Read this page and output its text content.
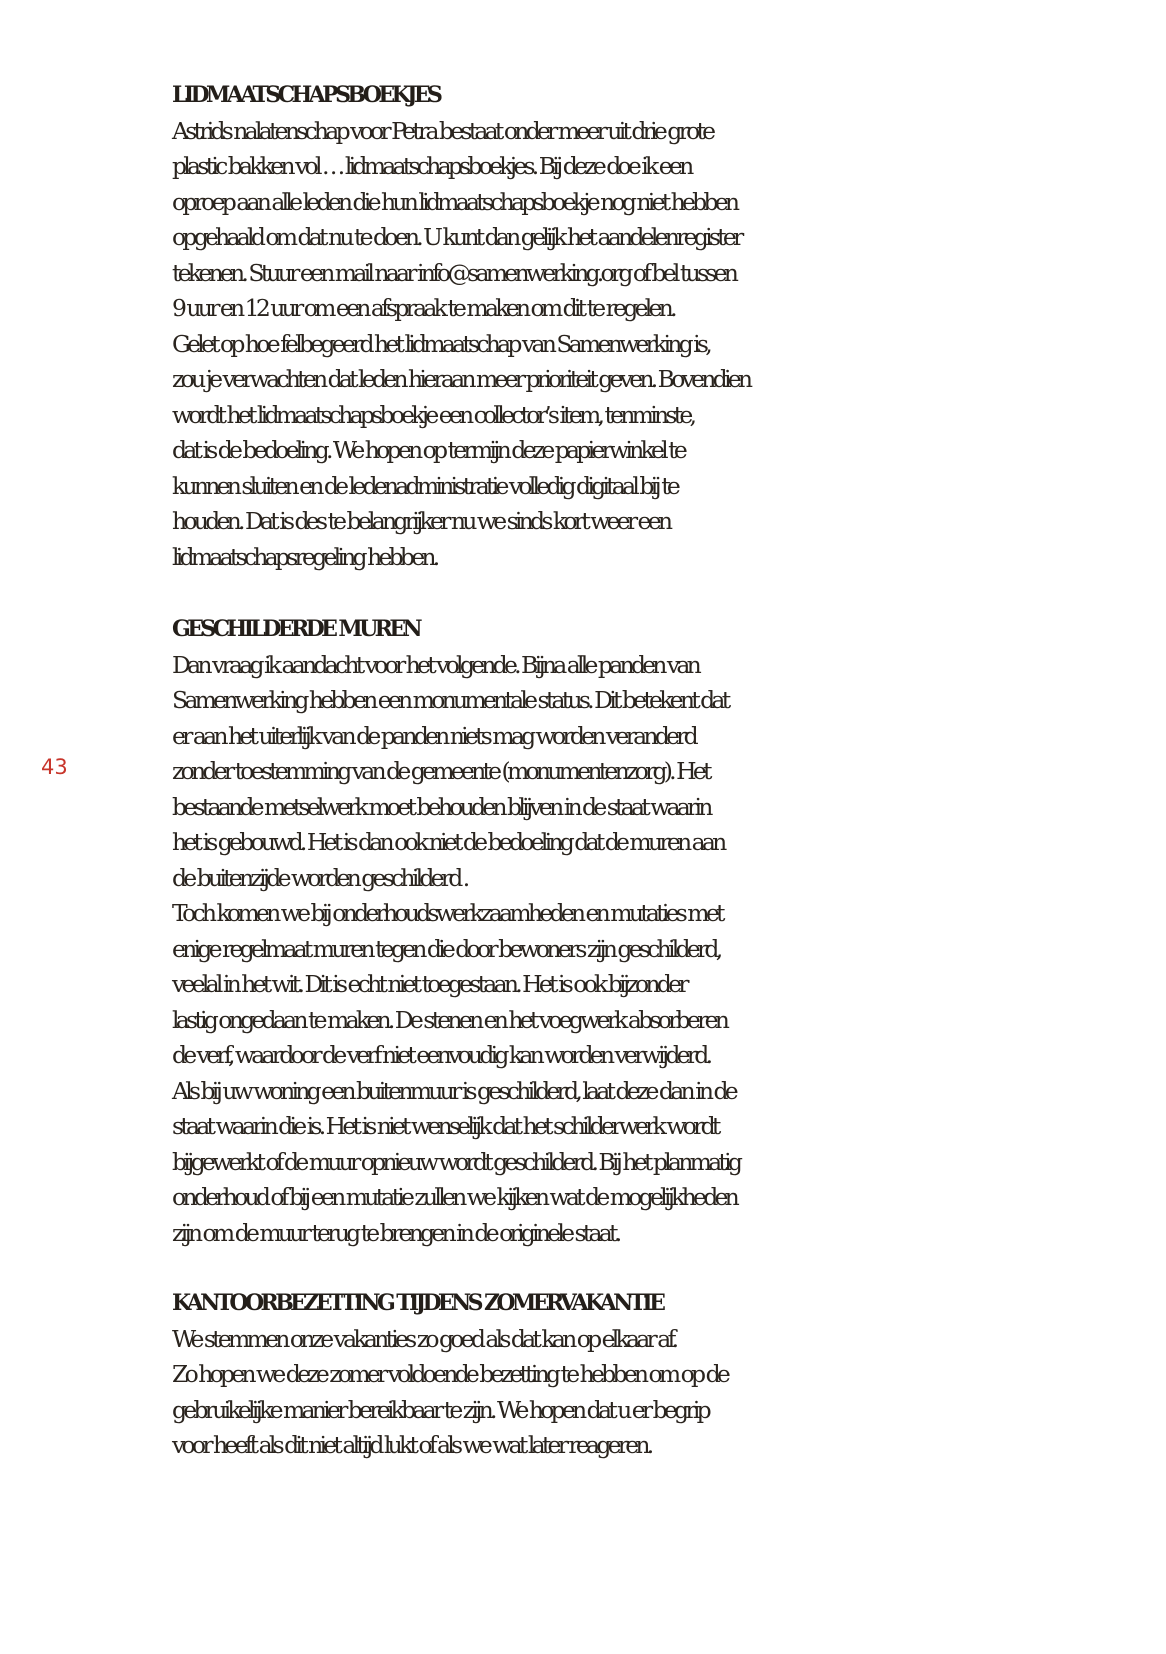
43
LIDMAATSCHAPSBOEKJES
Astrids nalatenschap voor Petra bestaat onder meer uit drie grote
plastic bakken vol … lidmaatschapsboekjes. Bij deze doe ik een
oproep aan alle leden die hun lidmaatschapsboekje nog niet hebben
opgehaald om dat nu te doen. U kunt dan gelijk het aandelenregister
tekenen. Stuur een mail naar info@samenwerking.org of bel tussen
9 uur en 12 uur om een afspraak te maken om dit te regelen.
Gelet op hoe felbegeerd het lidmaatschap van Samenwerking is,
zou je verwachten dat leden hieraan meer prioriteit geven. Bovendien
wordt het lidmaatschapsboekje een collector’s item, tenminste,
dat is de bedoeling. We hopen op termijn deze papierwinkel te
kunnen sluiten en de ledenadministratie volledig digitaal bij te
houden. Dat is des te belangrijker nu we sinds kort weer een
lidmaatschapsregeling hebben.
GESCHILDERDE MUREN
Dan vraag ik aandacht voor het volgende. Bijna alle panden van
Samenwerking hebben een monumentale status. Dit betekent dat
er aan het uiterlijk van de panden niets mag worden veranderd
zonder toestemming van de gemeente (monumentenzorg). Het
bestaande metselwerk moet behouden blijven in de staat waarin
het is gebouwd. Het is dan ook niet de bedoeling dat de muren aan
de buitenzijde worden geschilderd .
Toch komen we bij onderhoudswerkzaamheden en mutaties met
enige regelmaat muren tegen die door bewoners zijn geschilderd,
veelal in het wit. Dit is echt niet toegestaan. Het is ook bijzonder
lastig ongedaan te maken. De stenen en het voegwerk absorberen
de verf, waardoor de verf niet eenvoudig kan worden verwijderd.
Als bij uw woning een buitenmuur is geschilderd, laat deze dan in de
staat waarin die is. Het is niet wenselijk dat het schilderwerk wordt
bijgewerkt of de muur opnieuw wordt geschilderd. Bij het planmatig
onderhoud of bij een mutatie zullen we kijken wat de mogelijkheden
zijn om de muur terug te brengen in de originele staat.
KANTOORBEZETTING TIJDENS ZOMERVAKANTIE
We stemmen onze vakanties zo goed als dat kan op elkaar af.
Zo hopen we deze zomer voldoende bezetting te hebben om op de
gebruikelijke manier bereikbaar te zijn. We hopen dat u er begrip
voor heeft als dit niet altijd lukt of als we wat later reageren.
